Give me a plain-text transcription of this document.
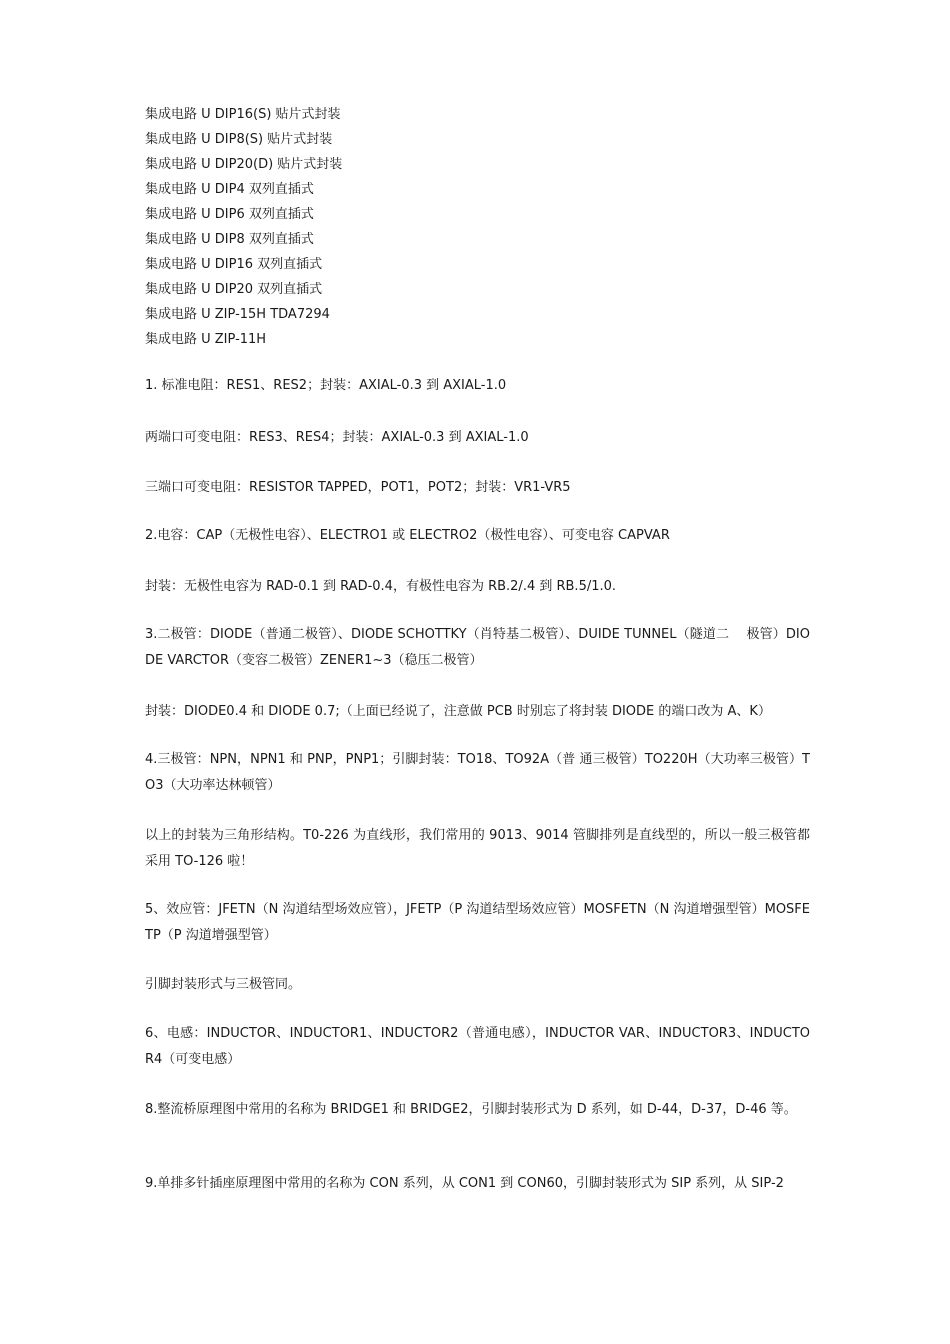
集成电路 U DIP16(S) 贴片式封装
集成电路 U DIP8(S) 贴片式封装
集成电路 U DIP20(D) 贴片式封装
集成电路 U DIP4 双列直插式
集成电路 U DIP6 双列直插式
集成电路 U DIP8 双列直插式
集成电路 U DIP16 双列直插式
集成电路 U DIP20 双列直插式
集成电路 U ZIP-15H TDA7294
集成电路 U ZIP-11H
1. 标准电阻：RES1、RES2；封装：AXIAL-0.3 到 AXIAL-1.0
两端口可变电阻：RES3、RES4；封装：AXIAL-0.3 到 AXIAL-1.0
三端口可变电阻：RESISTOR TAPPED，POT1，POT2；封装：VR1-VR5
2.电容：CAP（无极性电容）、ELECTRO1 或 ELECTRO2（极性电容）、可变电容 CAPVAR
封装：无极性电容为 RAD-0.1 到 RAD-0.4，有极性电容为 RB.2/.4 到 RB.5/1.0.
3.二极管：DIODE（普通二极管）、DIODE SCHOTTKY（肖特基二极管）、DUIDE TUNNEL（隧道二　 极管）DIODE VARCTOR（变容二极管）ZENER1~3（稳压二极管）
封装：DIODE0.4 和 DIODE 0.7;（上面已经说了，注意做 PCB 时别忘了将封装 DIODE 的端口改为 A、K）
4.三极管：NPN，NPN1 和 PNP，PNP1；引脚封装：TO18、TO92A（普 通三极管）TO220H（大功率三极管）TO3（大功率达林顿管）
以上的封装为三角形结构。T0-226 为直线形，我们常用的 9013、9014 管脚排列是直线型的，所以一般三极管都采用 TO-126 啦！
5、效应管：JFETN（N 沟道结型场效应管），JFETP（P 沟道结型场效应管）MOSFETN（N 沟道增强型管）MOSFETP（P 沟道增强型管）
引脚封装形式与三极管同。
6、电感：INDUCTOR、INDUCTOR1、INDUCTOR2（普通电感），INDUCTOR VAR、INDUCTOR3、INDUCTOR4（可变电感）
8.整流桥原理图中常用的名称为 BRIDGE1 和 BRIDGE2，引脚封装形式为 D 系列，如 D-44，D-37，D-46 等。
9.单排多针插座原理图中常用的名称为 CON 系列，从 CON1 到 CON60，引脚封装形式为 SIP 系列，从 SIP-2
